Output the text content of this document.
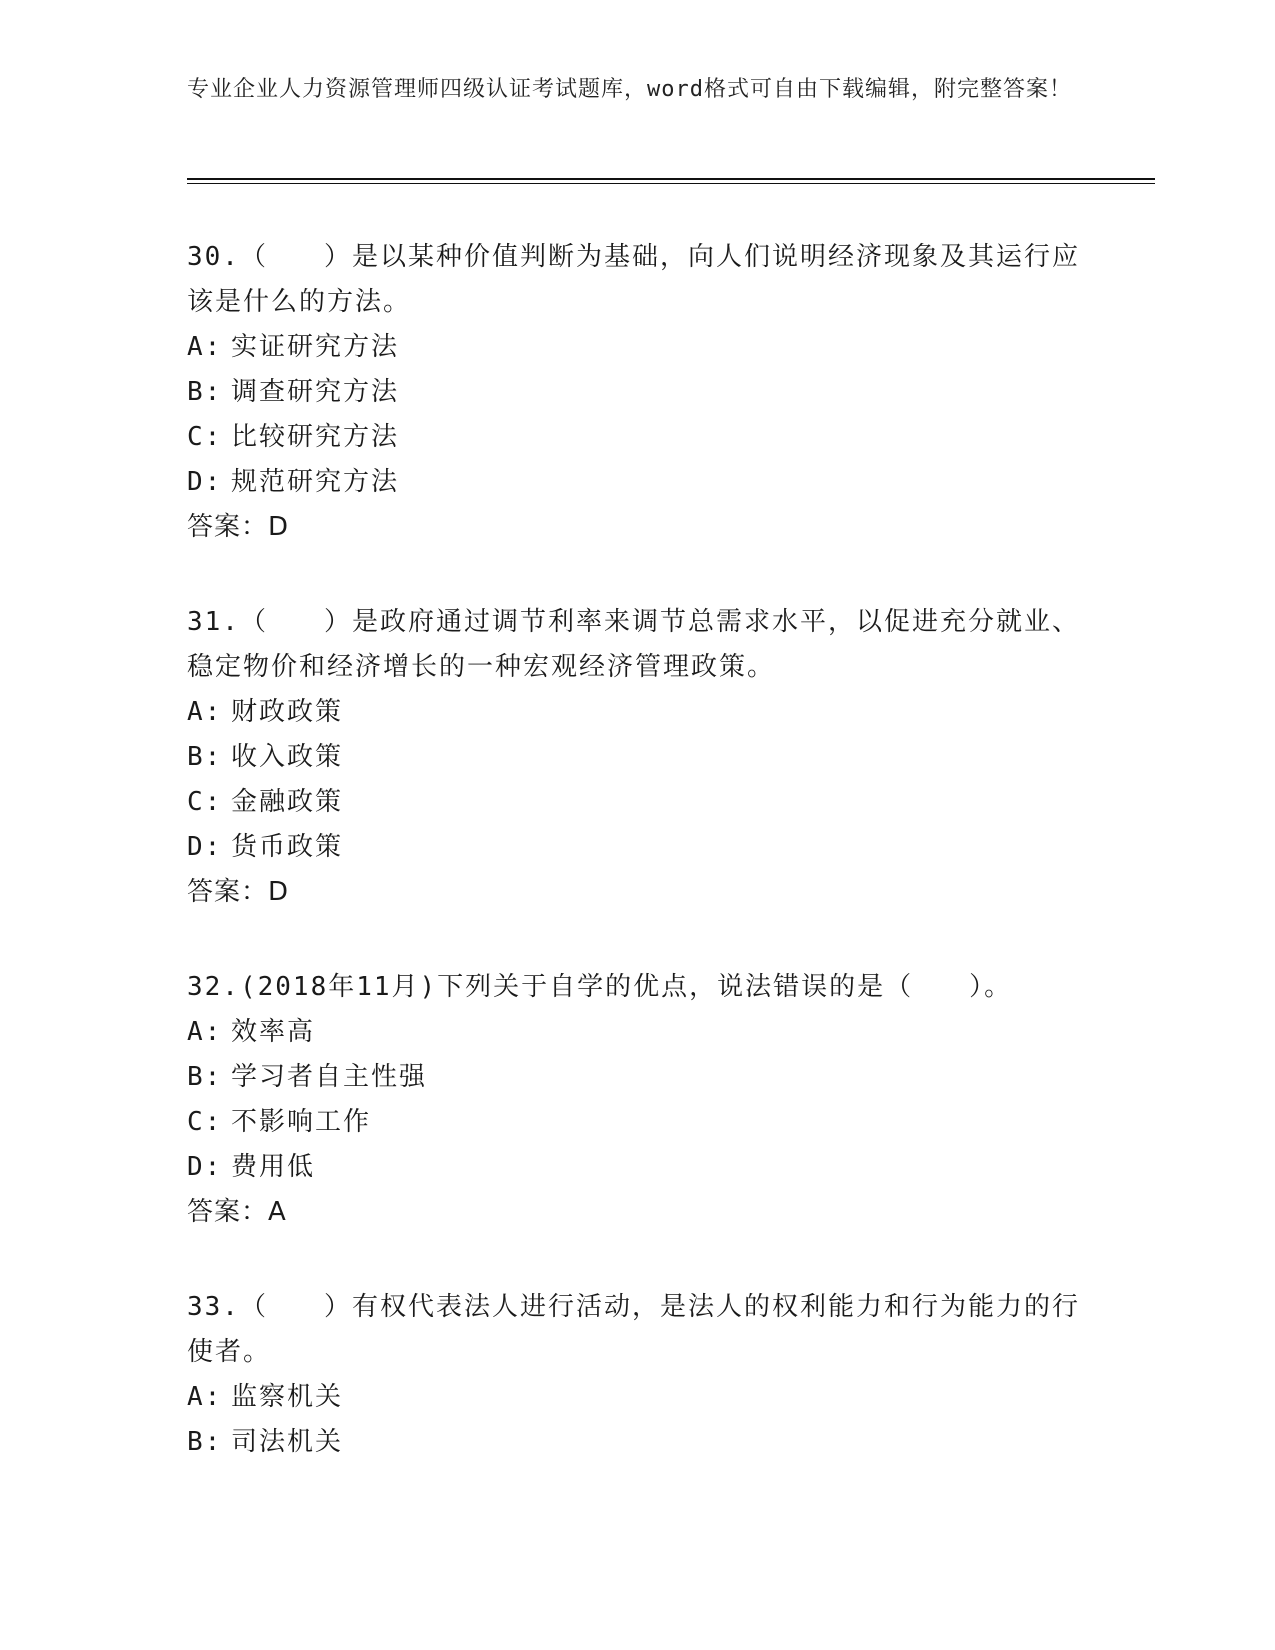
专业企业人力资源管理师四级认证考试题库，word格式可自由下载编辑，附完整答案！

30.（　　）是以某种价值判断为基础，向人们说明经济现象及其运行应该是什么的方法。

A: 实证研究方法

B: 调查研究方法

C: 比较研究方法

D: 规范研究方法

答案：D

31.（　　）是政府通过调节利率来调节总需求水平，以促进充分就业、稳定物价和经济增长的一种宏观经济管理政策。

A: 财政政策

B: 收入政策

C: 金融政策

D: 货币政策

答案：D

32.(2018年11月)下列关于自学的优点，说法错误的是（　　）。

A: 效率高

B: 学习者自主性强

C: 不影响工作

D: 费用低

答案：A

33.（　　）有权代表法人进行活动，是法人的权利能力和行为能力的行使者。

A: 监察机关

B: 司法机关
